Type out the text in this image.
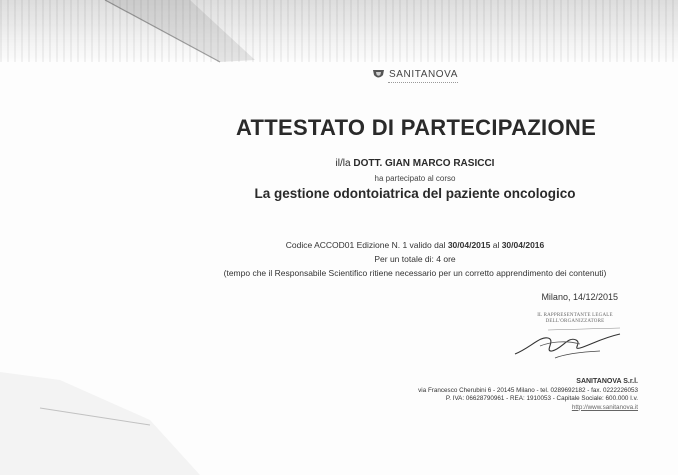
SANITANOVA
ATTESTATO DI PARTECIPAZIONE
il/la DOTT. GIAN MARCO RASICCI
ha partecipato al corso
La gestione odontoiatrica del paziente oncologico
Codice ACCOD01 Edizione N. 1 valido dal 30/04/2015 al 30/04/2016
Per un totale di: 4 ore
(tempo che il Responsabile Scientifico ritiene necessario per un corretto apprendimento dei contenuti)
Milano, 14/12/2015
IL RAPPRESENTANTE LEGALE
DELL'ORGANIZZATORE
SANITANOVA S.r.l.
via Francesco Cherubini 6 - 20145 Milano - tel. 0289692182 - fax. 0222226053
P. IVA: 06628790961 - REA: 1910053 - Capitale Sociale: 600.000 I.v.
http://www.sanitanova.it
